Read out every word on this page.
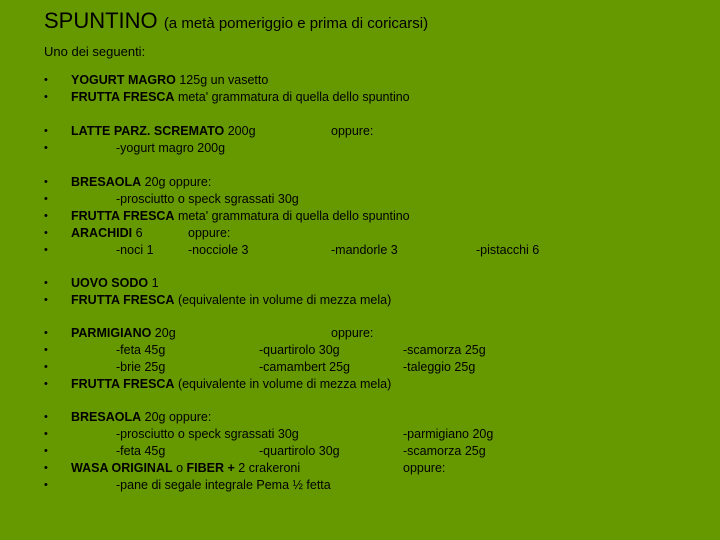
SPUNTINO (a metà pomeriggio e prima di coricarsi)
Uno dei seguenti:
• YOGURT MAGRO 125g un vasetto
• FRUTTA FRESCA meta' grammatura di quella dello spuntino
• LATTE PARZ. SCREMATO 200g	oppure:
•	-yogurt magro 200g
• BRESAOLA 20g oppure:
•	-prosciutto o speck sgrassati 30g
• FRUTTA FRESCA meta' grammatura di quella dello spuntino
• ARACHIDI 6	oppure:
•	-noci 1	-nocciole 3	-mandorle 3	-pistacchi 6
• UOVO SODO 1
• FRUTTA FRESCA (equivalente in volume di mezza mela)
• PARMIGIANO 20g	oppure:
•	-feta 45g	-quartirolo 30g	-scamorza 25g
•	-brie 25g	-camambert 25g	-taleggio 25g
• FRUTTA FRESCA (equivalente in volume di mezza mela)
• BRESAOLA 20g oppure:
•	-prosciutto o speck sgrassati 30g	-parmigiano 20g
•	-feta 45g	-quartirolo 30g	-scamorza 25g
• WASA ORIGINAL o FIBER + 2 crakeroni	oppure:
•	-pane di segale integrale Pema ½ fetta
